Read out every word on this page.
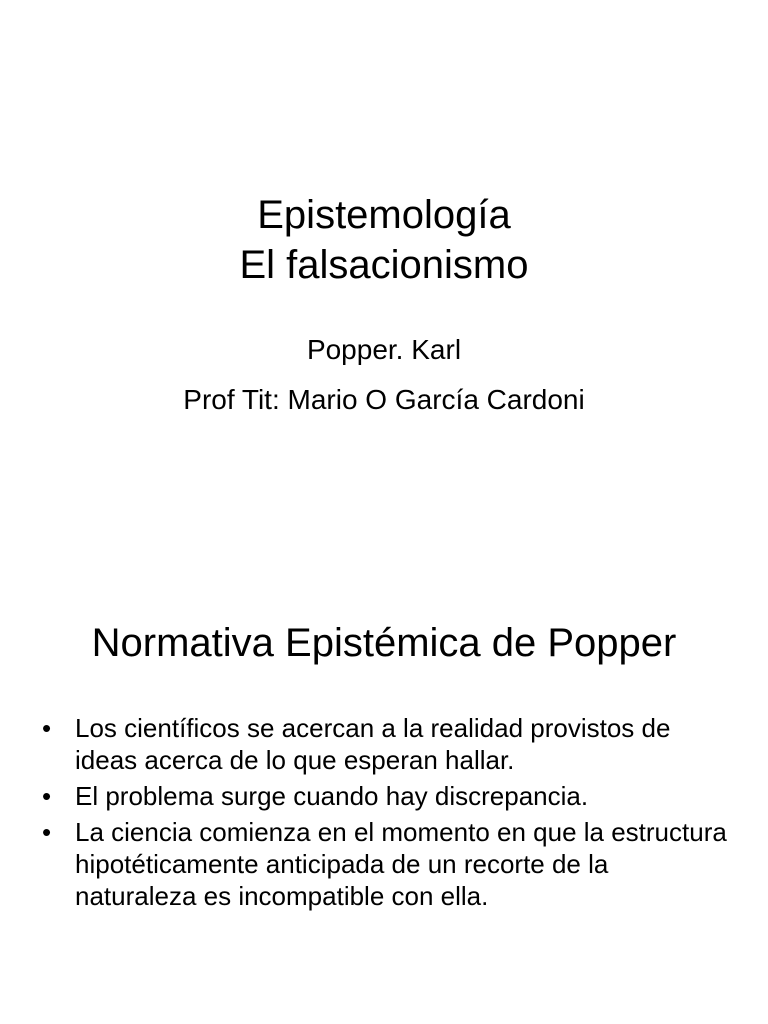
Epistemología
El falsacionismo
Popper. Karl
Prof Tit: Mario O García Cardoni
Normativa Epistémica de Popper
• Los científicos se acercan a la realidad provistos de ideas acerca de lo que esperan hallar.
• El problema surge cuando hay discrepancia.
• La ciencia comienza en el momento en que la estructura hipotéticamente anticipada de un recorte de la naturaleza es incompatible con ella.
